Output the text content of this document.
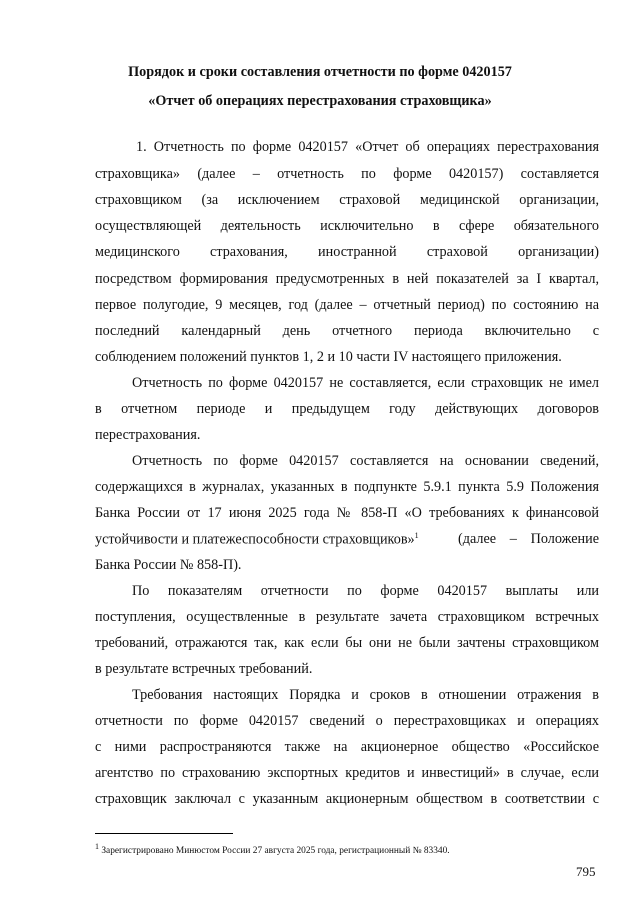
Порядок и сроки составления отчетности по форме 0420157
«Отчет об операциях перестрахования страховщика»
1. Отчетность по форме 0420157 «Отчет об операциях перестрахования
страховщика» (далее – отчетность по форме 0420157) составляется
страховщиком (за исключением страховой медицинской организации,
осуществляющей деятельность исключительно в сфере обязательного
медицинского страхования, иностранной страховой организации)
посредством формирования предусмотренных в ней показателей за I квартал,
первое полугодие, 9 месяцев, год (далее – отчетный период) по состоянию на
последний календарный день отчетного периода включительно с
соблюдением положений пунктов 1, 2 и 10 части IV настоящего приложения.
Отчетность по форме 0420157 не составляется, если страховщик не имел
в отчетном периоде и предыдущем году действующих договоров
перестрахования.
Отчетность по форме 0420157 составляется на основании сведений,
содержащихся в журналах, указанных в подпункте 5.9.1 пункта 5.9 Положения
Банка России от 17 июня 2025 года № 858-П «О требованиях к финансовой
устойчивости и платежеспособности страховщиков»$^1$	(далее – Положение
Банка России № 858-П).
По показателям отчетности по форме 0420157 выплаты или
поступления, осуществленные в результате зачета страховщиком встречных
требований, отражаются так, как если бы они не были зачтены страховщиком
в результате встречных требований.
Требования настоящих Порядка и сроков в отношении отражения в
отчетности по форме 0420157 сведений о перестраховщиках и операциях
с ними распространяются также на акционерное общество «Российское
агентство по страхованию экспортных кредитов и инвестиций» в случае, если
страховщик заключал с указанным акционерным обществом в соответствии с
$^1$ Зарегистрировано Минюстом России 27 августа 2025 года, регистрационный № 83340.
795
